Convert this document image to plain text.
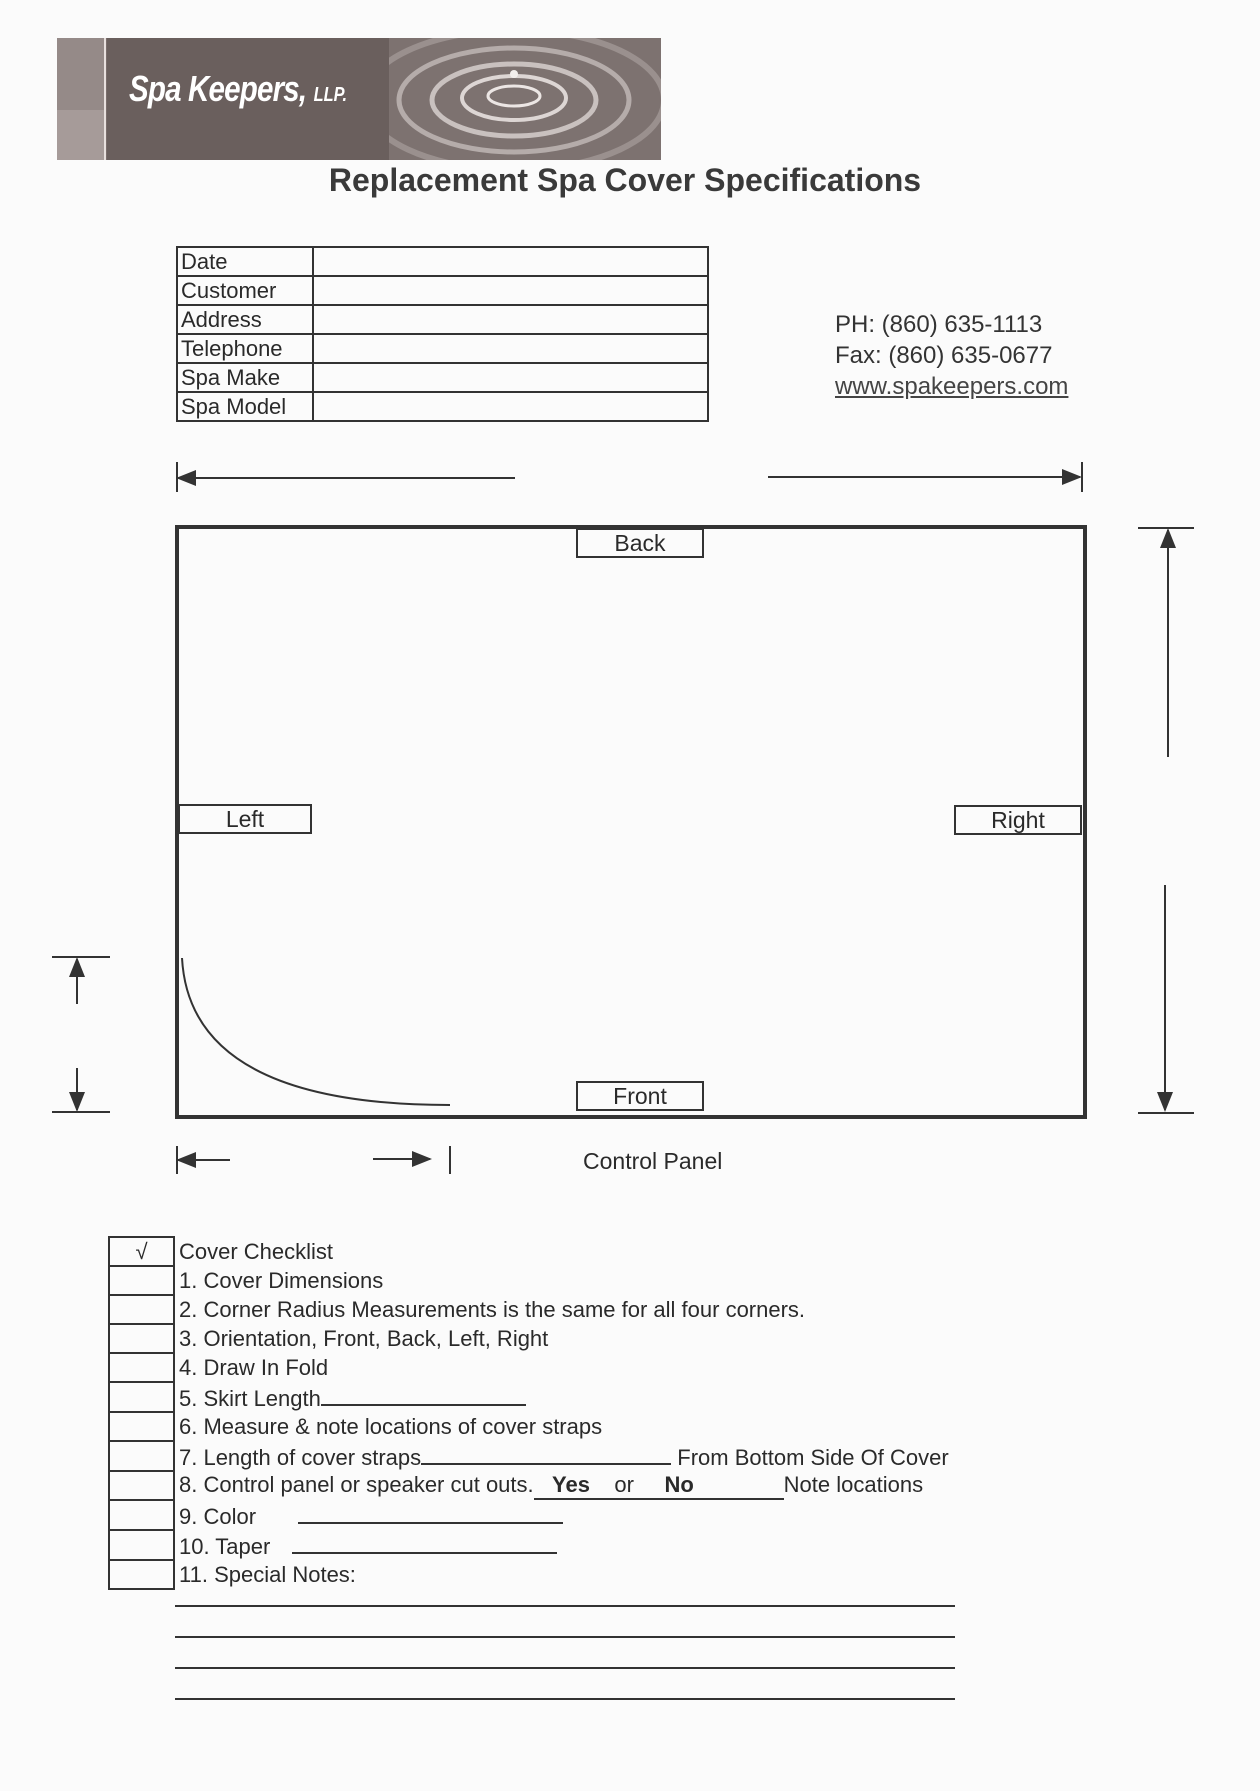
Spa Keepers, LLP.
Replacement Spa Cover Specifications
Date	
Customer	
Address	
Telephone	
Spa Make	
Spa Model	
PH: (860) 635-1113
Fax: (860) 635-0677
www.spakeepers.com
Back
Front
Left	Right
Control Panel
√	Cover Checklist
	1. Cover Dimensions
	2. Corner Radius Measurements is the same for all four corners.
	3. Orientation, Front, Back, Left, Right
	4. Draw In Fold
	5. Skirt Length
	6. Measure & note locations of cover straps
	7. Length of cover straps From Bottom Side Of Cover
	8. Control panel or speaker cut outs. Yes or No Note locations
	9. Color
	10. Taper
	11. Special Notes:
